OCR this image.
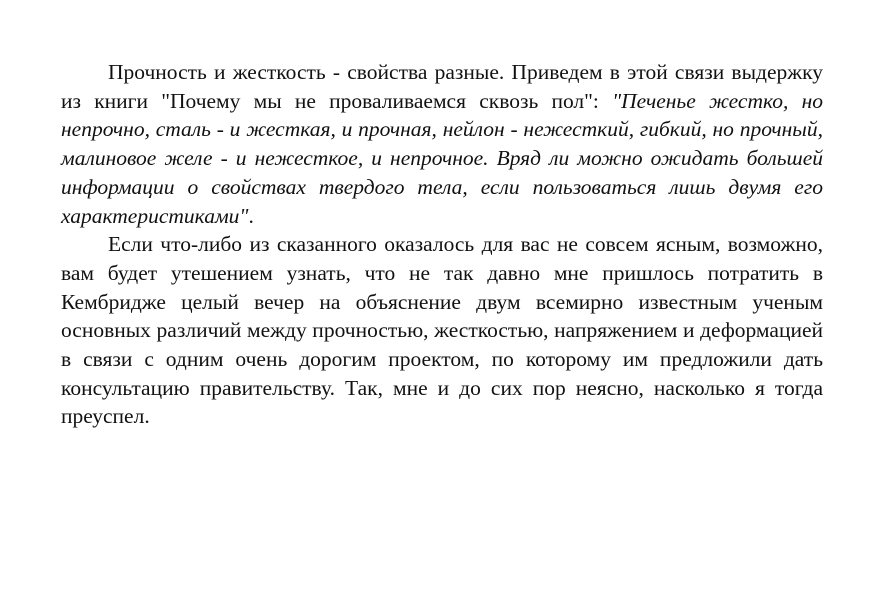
Прочность и жесткость - свойства разные. Приведем в этой связи выдержку из книги "Почему мы не проваливаемся сквозь пол": "Печенье жестко, но непрочно, сталь - и жесткая, и прочная, нейлон - нежесткий, гибкий, но прочный, малиновое желе - и нежесткое, и непрочное. Вряд ли можно ожидать большей информации о свойствах твердого тела, если пользоваться лишь двумя его характеристиками".

Если что-либо из сказанного оказалось для вас не совсем ясным, возможно, вам будет утешением узнать, что не так давно мне пришлось потратить в Кембридже целый вечер на объяснение двум всемирно известным ученым основных различий между прочностью, жесткостью, напряжением и деформацией в связи с одним очень дорогим проектом, по которому им предложили дать консультацию правительству. Так, мне и до сих пор неясно, насколько я тогда преуспел.
